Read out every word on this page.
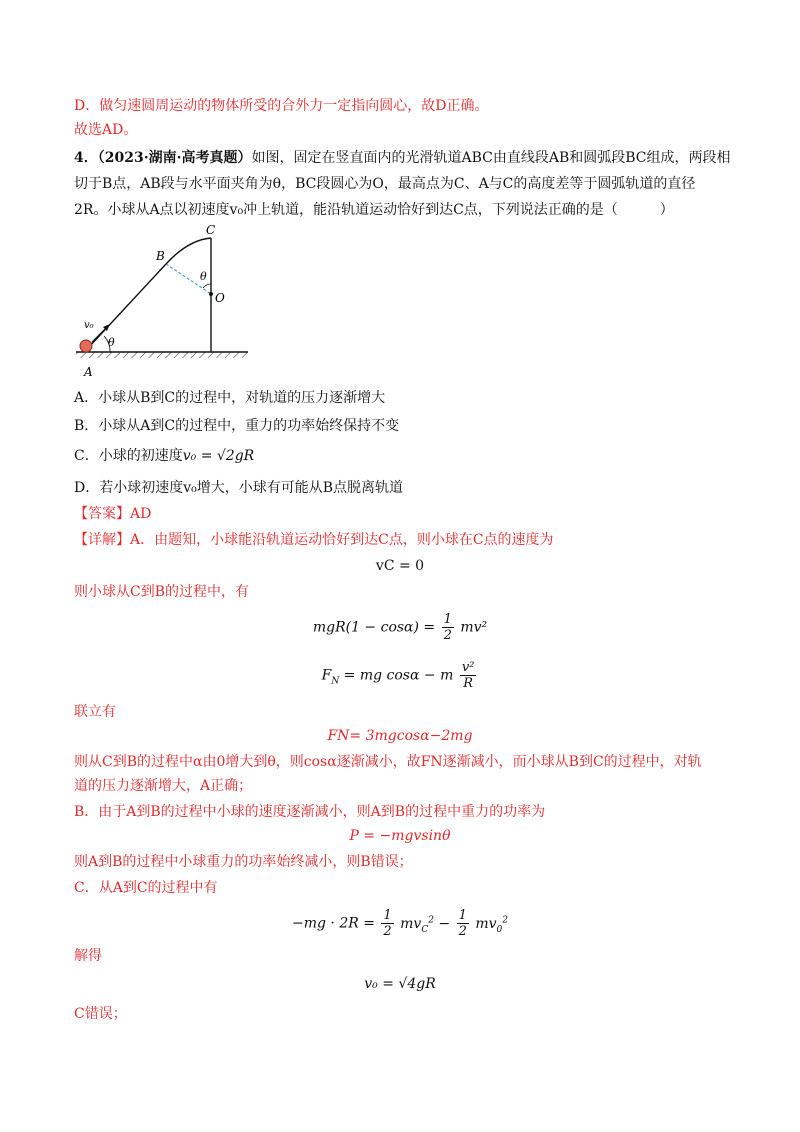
D．做匀速圆周运动的物体所受的合外力一定指向圆心，故D正确。
故选AD。
4．（2023·湖南·高考真题）如图，固定在竖直面内的光滑轨道ABC由直线段AB和圆弧段BC组成，两段相
切于B点，AB段与水平面夹角为θ，BC段圆心为O，最高点为C、A与C的高度差等于圆弧轨道的直径
2R。小球从A点以初速度v₀冲上轨道，能沿轨道运动恰好到达C点，下列说法正确的是（　　　）
C
B
O
θ
θ
v₀
A
A．小球从B到C的过程中，对轨道的压力逐渐增大
B．小球从A到C的过程中，重力的功率始终保持不变
C．小球的初速度v₀ = √2gR
D．若小球初速度v₀增大，小球有可能从B点脱离轨道
【答案】AD
【详解】A．由题知，小球能沿轨道运动恰好到达C点，则小球在C点的速度为
vC = 0
则小球从C到B的过程中，有
$mgR(1 - \cos\alpha) = \frac{1}{2} mv^2$
$F_N$ = mg cosα − m $\frac{\text{v²}}{R}$
联立有
FN= 3mgcosα−2mg
则从C到B的过程中α由0增大到θ，则cosα逐渐减小，故FN逐渐减小，而小球从B到C的过程中，对轨
道的压力逐渐增大，A正确；
B．由于A到B的过程中小球的速度逐渐减小，则A到B的过程中重力的功率为
P = −mgvsinθ
则A到B的过程中小球重力的功率始终减小，则B错误；
C．从A到C的过程中有
$-mg \cdot 2R = \frac{1}{2} mv_C^2 - \frac{1}{2} mv_0^2$
解得
v₀ = √4gR
C错误；
